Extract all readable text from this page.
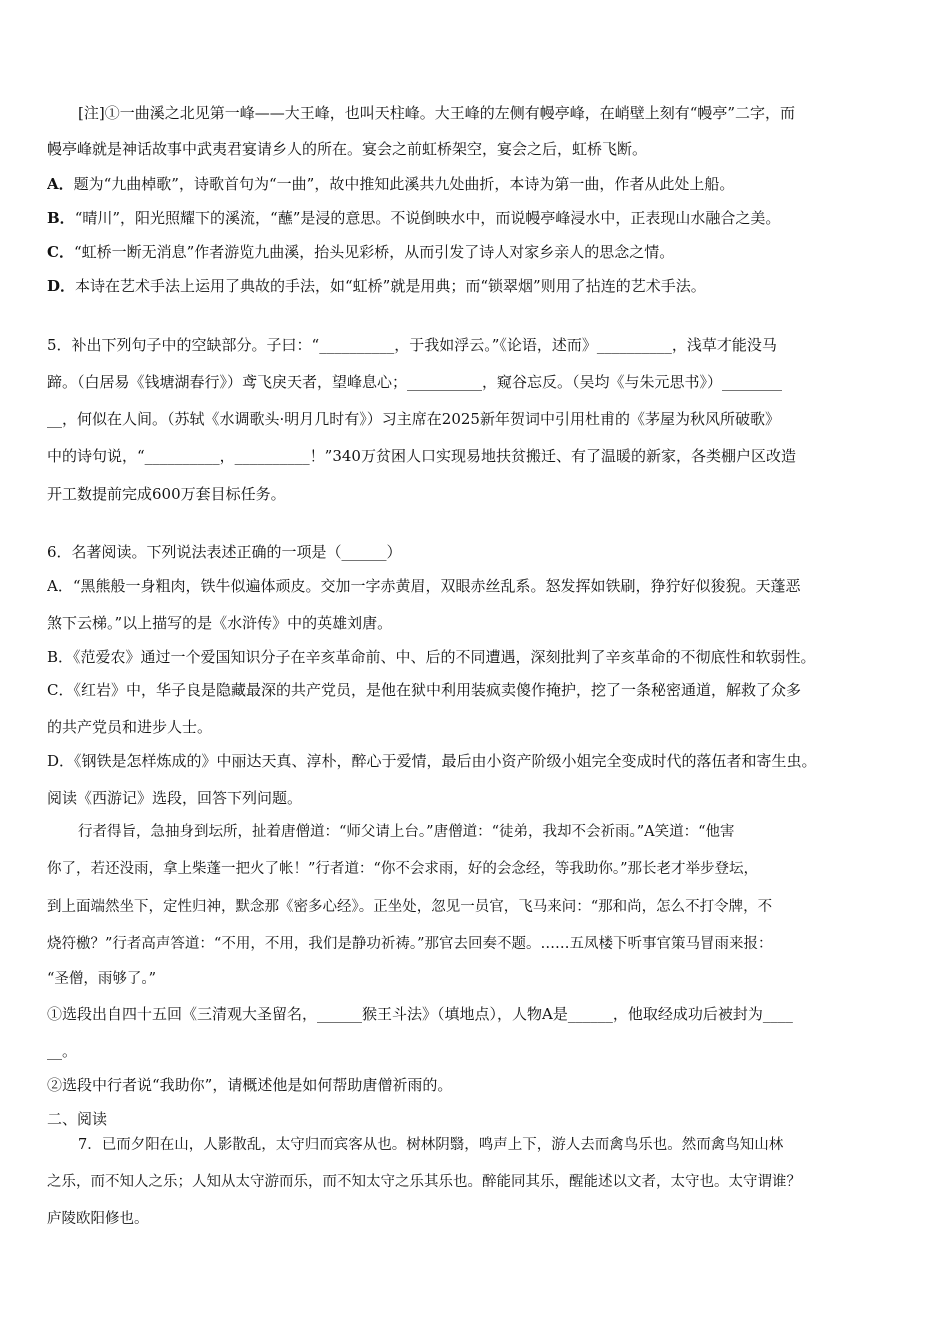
[注]①一曲溪之北见第一峰——大王峰，也叫天柱峰。大王峰的左侧有幔亭峰，在峭壁上刻有“幔亭”二字，而
幔亭峰就是神话故事中武夷君宴请乡人的所在。宴会之前虹桥架空，宴会之后，虹桥飞断。
A．题为“九曲棹歌”，诗歌首句为“一曲”，故中推知此溪共九处曲折，本诗为第一曲，作者从此处上船。
B．“晴川”，阳光照耀下的溪流，“蘸”是浸的意思。不说倒映水中，而说幔亭峰浸水中，正表现山水融合之美。
C．“虹桥一断无消息”作者游览九曲溪，抬头见彩桥，从而引发了诗人对家乡亲人的思念之情。
D．本诗在艺术手法上运用了典故的手法，如“虹桥”就是用典；而“锁翠烟”则用了拈连的艺术手法。
5．补出下列句子中的空缺部分。子曰：“__________，于我如浮云。”《论语，述而》__________，浅草才能没马
蹄。（白居易《钱塘湖春行》）鸢飞戾天者，望峰息心；__________，窥谷忘反。（吴均《与朱元思书》）________
__，何似在人间。（苏轼《水调歌头·明月几时有》）习主席在2025新年贺词中引用杜甫的《茅屋为秋风所破歌》
中的诗句说，“__________，__________！”340万贫困人口实现易地扶贫搬迁、有了温暖的新家，各类棚户区改造
开工数提前完成600万套目标任务。
6．名著阅读。下列说法表述正确的一项是（______）
A．“黑熊般一身粗肉，铁牛似遍体顽皮。交加一字赤黄眉，双眼赤丝乱系。怒发挥如铁刷，狰狞好似狻猊。天蓬恶
煞下云梯。”以上描写的是《水浒传》中的英雄刘唐。
B．《范爱农》通过一个爱国知识分子在辛亥革命前、中、后的不同遭遇，深刻批判了辛亥革命的不彻底性和软弱性。
C．《红岩》中，华子良是隐藏最深的共产党员，是他在狱中利用装疯卖傻作掩护，挖了一条秘密通道，解救了众多
的共产党员和进步人士。
D．《钢铁是怎样炼成的》中丽达天真、淳朴，醉心于爱情，最后由小资产阶级小姐完全变成时代的落伍者和寄生虫。
阅读《西游记》选段，回答下列问题。
行者得旨，急抽身到坛所，扯着唐僧道：“师父请上台。”唐僧道：“徒弟，我却不会祈雨。”A笑道：“他害
你了，若还没雨，拿上柴蓬一把火了帐！”行者道：“你不会求雨，好的会念经，等我助你。”那长老才举步登坛，
到上面端然坐下，定性归神，默念那《密多心经》。正坐处，忽见一员官，飞马来问：“那和尚，怎么不打令牌，不
烧符檄？”行者高声答道：“不用，不用，我们是静功祈祷。”那官去回奏不题。……五凤楼下听事官策马冒雨来报：
“圣僧，雨够了。”
①选段出自四十五回《三清观大圣留名，______猴王斗法》（填地点），人物A是______，他取经成功后被封为____
__。
②选段中行者说“我助你”，请概述他是如何帮助唐僧祈雨的。
二、阅读
7．已而夕阳在山，人影散乱，太守归而宾客从也。树林阴翳，鸣声上下，游人去而禽鸟乐也。然而禽鸟知山林
之乐，而不知人之乐；人知从太守游而乐，而不知太守之乐其乐也。醉能同其乐，醒能述以文者，太守也。太守谓谁？
庐陵欧阳修也。
